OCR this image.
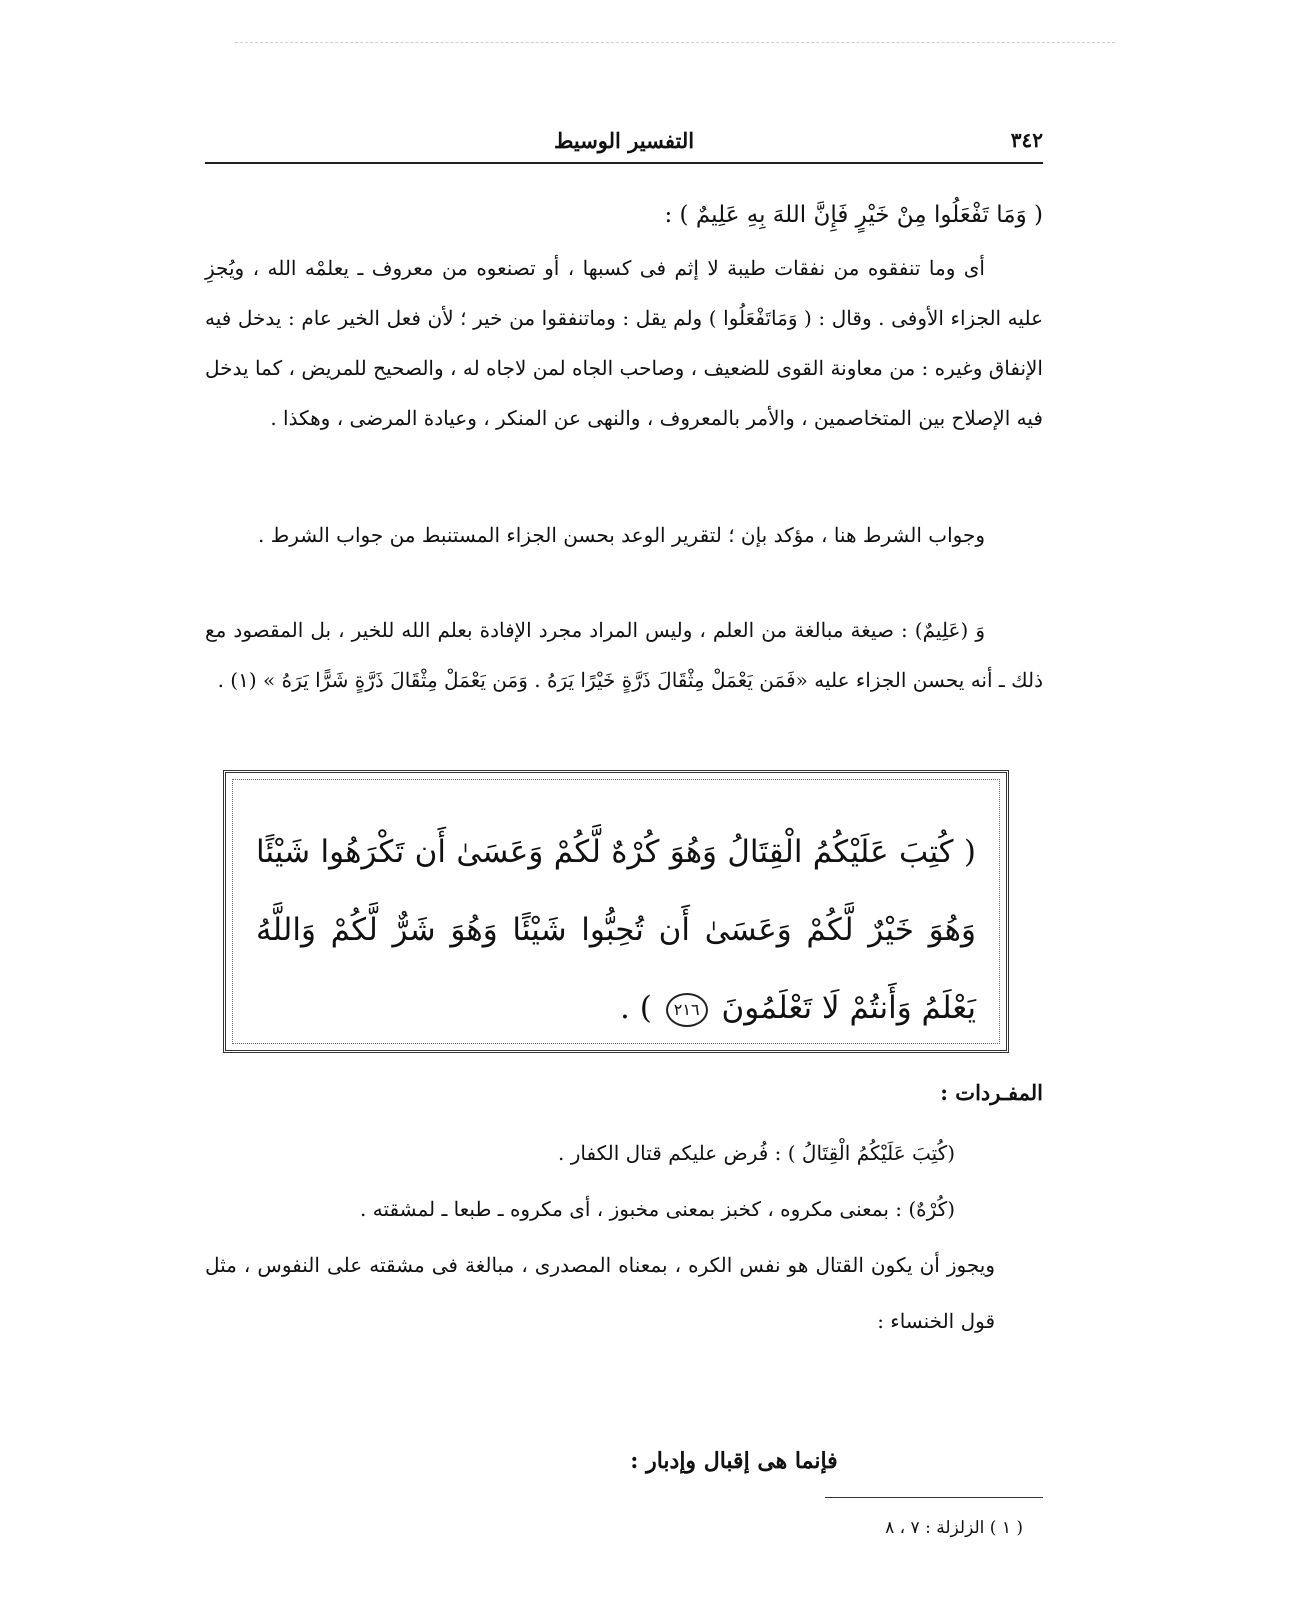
٣٤٢
التفسير الوسيط
( وَمَا تَفْعَلُوا مِنْ خَيْرٍ فَإِنَّ اللهَ بِهِ عَلِيمٌ ) :
أى وما تنفقوه من نفقات طيبة لا إثم فى كسبها ، أو تصنعوه من معروف ـ يعلمْه الله ، ويُجزِ عليه الجزاء الأوفى . وقال : ( وَمَاتَفْعَلُوا ) ولم يقل : وماتنفقوا من خير ؛ لأن فعل الخير عام : يدخل فيه الإنفاق وغيره : من معاونة القوى للضعيف ، وصاحب الجاه لمن لاجاه له ، والصحيح للمريض ، كما يدخل فيه الإصلاح بين المتخاصمين ، والأمر بالمعروف ، والنهى عن المنكر ، وعيادة المرضى ، وهكذا .
وجواب الشرط هنا ، مؤكد بإن ؛ لتقرير الوعد بحسن الجزاء المستنبط من جواب الشرط .
وَ (عَلِيمٌ) : صيغة مبالغة من العلم ، وليس المراد مجرد الإفادة بعلم الله للخير ، بل المقصود مع ذلك ـ أنه يحسن الجزاء عليه «فَمَن يَعْمَلْ مِثْقَالَ ذَرَّةٍ خَيْرًا يَرَهُ . وَمَن يَعْمَلْ مِثْقَالَ ذَرَّةٍ شَرًّا يَرَهُ » (١) .
( كُتِبَ عَلَيْكُمُ الْقِتَالُ وَهُوَ كُرْهٌ لَّكُمْ وَعَسَىٰ أَن تَكْرَهُوا شَيْئًا وَهُوَ خَيْرٌ لَّكُمْ وَعَسَىٰ أَن تُحِبُّوا شَيْئًا وَهُوَ شَرٌّ لَّكُمْ وَاللَّهُ يَعْلَمُ وَأَنتُمْ لَا تَعْلَمُونَ ٢١٦ ) .
المفـردات :
(كُتِبَ عَلَيْكُمُ الْقِتَالُ ) : فُرض عليكم قتال الكفار .
(كُرْهٌ) : بمعنى مكروه ، كخبز بمعنى مخبوز ، أى مكروه ـ طبعا ـ لمشقته .
ويجوز أن يكون القتال هو نفس الكره ، بمعناه المصدرى ، مبالغة فى مشقته على النفوس ، مثل قول الخنساء :
فإنما هى إقبال وإدبار :
( ١ ) الزلزلة : ٧ ، ٨
